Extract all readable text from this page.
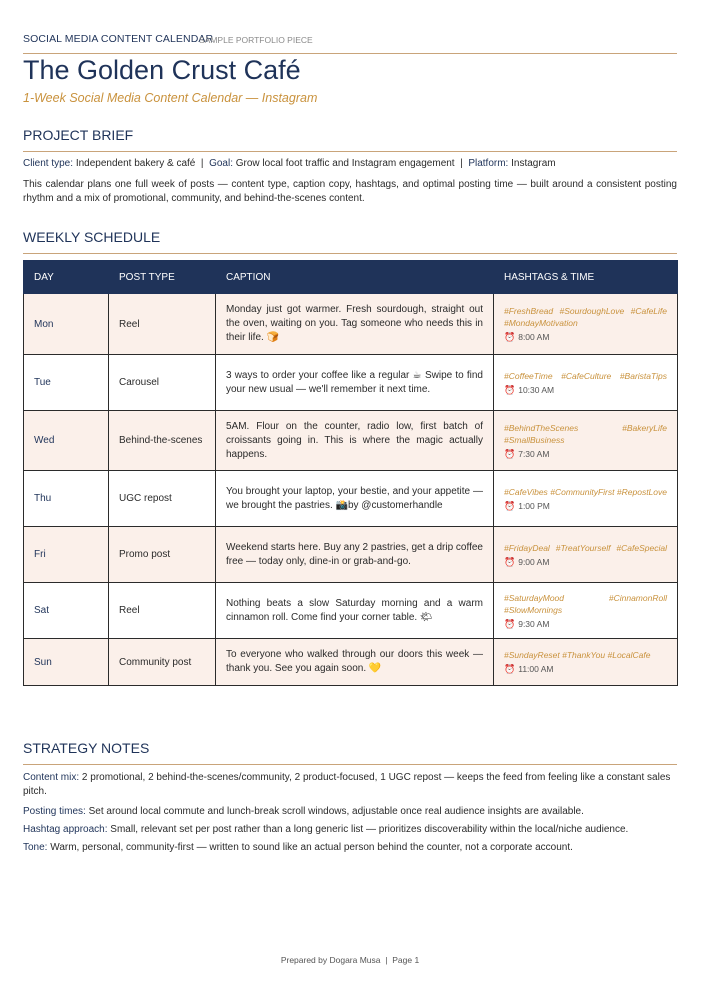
SOCIAL MEDIA CONTENT CALENDAR
SAMPLE PORTFOLIO PIECE
The Golden Crust Café
1-Week Social Media Content Calendar — Instagram
PROJECT BRIEF
Client type: Independent bakery & café | Goal: Grow local foot traffic and Instagram engagement | Platform: Instagram
This calendar plans one full week of posts — content type, caption copy, hashtags, and optimal posting time — built around a consistent posting rhythm and a mix of promotional, community, and behind-the-scenes content.
WEEKLY SCHEDULE
DAY	POST TYPE	CAPTION	HASHTAGS & TIME
Mon	Reel	Monday just got warmer. Fresh sourdough, straight out the oven, waiting on you. Tag someone who needs this in their life. 🍞	#FreshBread #SourdoughLove #CafeLife #MondayMotivation
⏰ 8:00 AM

Tue	Carousel	3 ways to order your coffee like a regular ☕ Swipe to find your new usual — we'll remember it next time.	#CoffeeTime #CafeCulture #BaristaTips
⏰ 10:30 AM

Wed	Behind-the-scenes	5AM. Flour on the counter, radio low, first batch of croissants going in. This is where the magic actually happens.	#BehindTheScenes #BakeryLife #SmallBusiness
⏰ 7:30 AM

Thu	UGC repost	You brought your laptop, your bestie, and your appetite — we brought the pastries. 📸by @customerhandle	#CafeVibes #CommunityFirst #RepostLove
⏰ 1:00 PM

Fri	Promo post	Weekend starts here. Buy any 2 pastries, get a drip coffee free — today only, dine-in or grab-and-go.	#FridayDeal #TreatYourself #CafeSpecial
⏰ 9:00 AM

Sat	Reel	Nothing beats a slow Saturday morning and a warm cinnamon roll. Come find your corner table. 🌤	#SaturdayMood #CinnamonRoll #SlowMornings
⏰ 9:30 AM

Sun	Community post	To everyone who walked through our doors this week — thank you. See you again soon. 💛	#SundayReset #ThankYou #LocalCafe
⏰ 11:00 AM
STRATEGY NOTES
Content mix: 2 promotional, 2 behind-the-scenes/community, 2 product-focused, 1 UGC repost — keeps the feed from feeling like a constant sales pitch.
Posting times: Set around local commute and lunch-break scroll windows, adjustable once real audience insights are available.
Hashtag approach: Small, relevant set per post rather than a long generic list — prioritizes discoverability within the local/niche audience.
Tone: Warm, personal, community-first — written to sound like an actual person behind the counter, not a corporate account.
Prepared by Dogara Musa | Page 1
